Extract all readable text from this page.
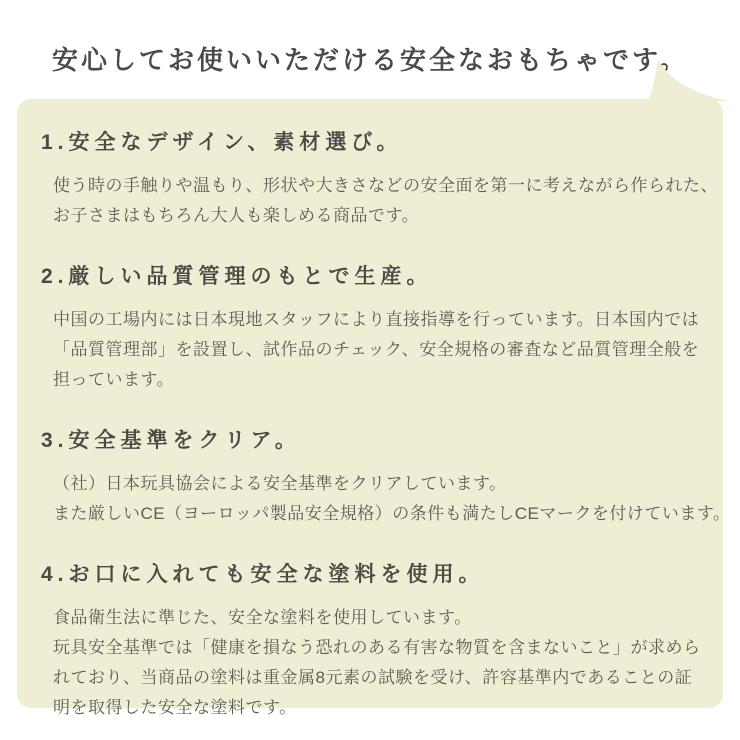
安心してお使いいただける安全なおもちゃです。
1.安全なデザイン、素材選び。

使う時の手触りや温もり、形状や大きさなどの安全面を第一に考えながら作られた、

お子さまはもちろん大人も楽しめる商品です。

2.厳しい品質管理のもとで生産。

中国の工場内には日本現地スタッフにより直接指導を行っています。日本国内では

「品質管理部」を設置し、試作品のチェック、安全規格の審査など品質管理全般を

担っています。

3.安全基準をクリア。

（社）日本玩具協会による安全基準をクリアしています。

また厳しいCE（ヨーロッパ製品安全規格）の条件も満たしCEマークを付けています。

4.お口に入れても安全な塗料を使用。

食品衛生法に準じた、安全な塗料を使用しています。

玩具安全基準では「健康を損なう恐れのある有害な物質を含まないこと」が求めら

れており、当商品の塗料は重金属8元素の試験を受け、許容基準内であることの証

明を取得した安全な塗料です。
